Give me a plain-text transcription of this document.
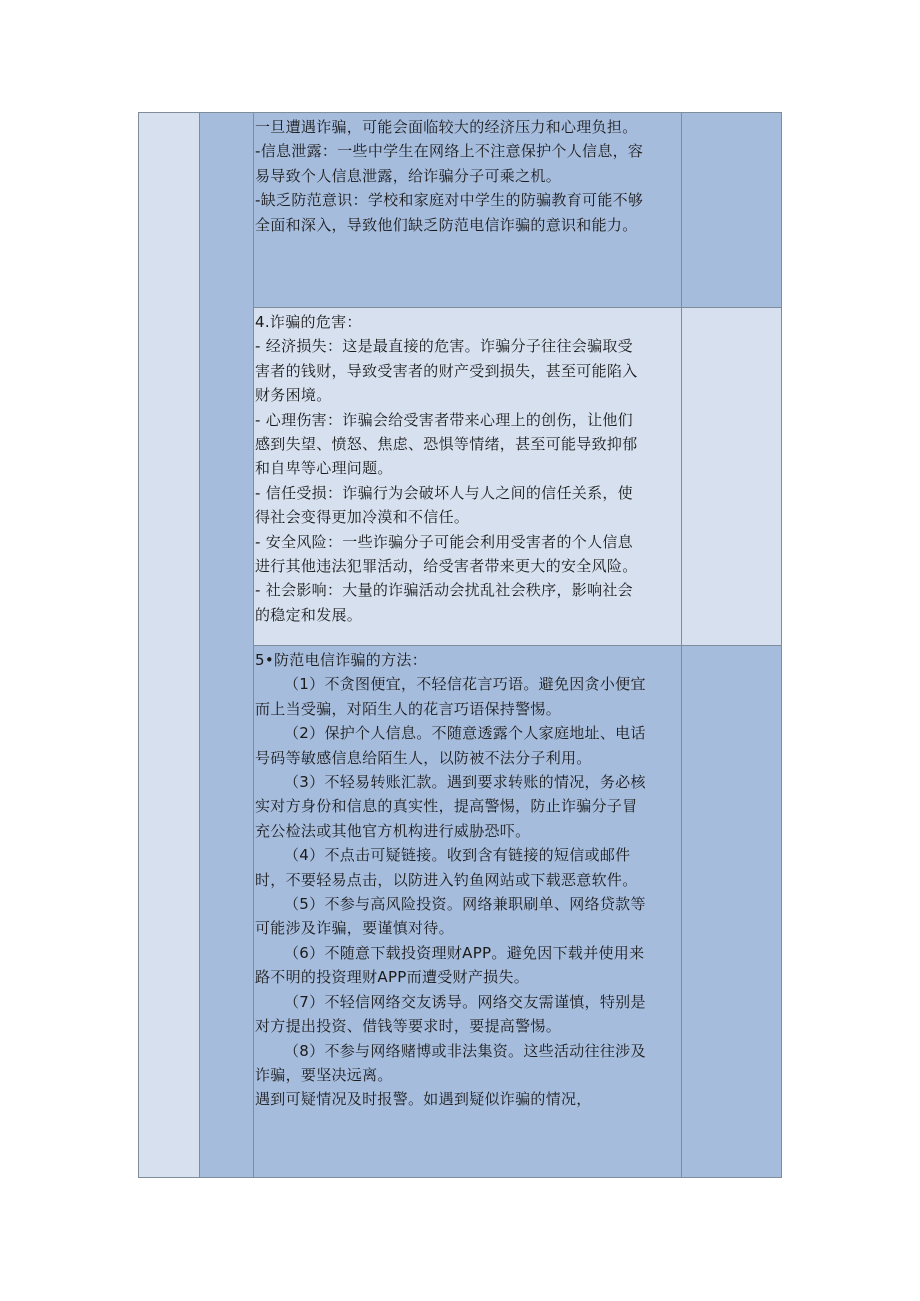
一旦遭遇诈骗，可能会面临较大的经济压力和心理负担。

-信息泄露：一些中学生在网络上不注意保护个人信息，容

易导致个人信息泄露，给诈骗分子可乘之机。

-缺乏防范意识：学校和家庭对中学生的防骗教育可能不够

全面和深入，导致他们缺乏防范电信诈骗的意识和能力。

4.诈骗的危害：

- 经济损失：这是最直接的危害。诈骗分子往往会骗取受

害者的钱财，导致受害者的财产受到损失，甚至可能陷入

财务困境。

- 心理伤害：诈骗会给受害者带来心理上的创伤，让他们

感到失望、愤怒、焦虑、恐惧等情绪，甚至可能导致抑郁

和自卑等心理问题。

- 信任受损：诈骗行为会破坏人与人之间的信任关系，使

得社会变得更加冷漠和不信任。

- 安全风险：一些诈骗分子可能会利用受害者的个人信息

进行其他违法犯罪活动，给受害者带来更大的安全风险。

- 社会影响：大量的诈骗活动会扰乱社会秩序，影响社会

的稳定和发展。

5•防范电信诈骗的方法：

（1）不贪图便宜，不轻信花言巧语。避免因贪小便宜

而上当受骗，对陌生人的花言巧语保持警惕。

（2）保护个人信息。不随意透露个人家庭地址、电话

号码等敏感信息给陌生人，以防被不法分子利用。

（3）不轻易转账汇款。遇到要求转账的情况，务必核

实对方身份和信息的真实性，提高警惕，防止诈骗分子冒

充公检法或其他官方机构进行威胁恐吓。

（4）不点击可疑链接。收到含有链接的短信或邮件

时，不要轻易点击，以防进入钓鱼网站或下载恶意软件。

（5）不参与高风险投资。网络兼职刷单、网络贷款等

可能涉及诈骗，要谨慎对待。

（6）不随意下载投资理财APP。避免因下载并使用来

路不明的投资理财APP而遭受财产损失。

（7）不轻信网络交友诱导。网络交友需谨慎，特别是

对方提出投资、借钱等要求时，要提高警惕。

（8）不参与网络赌博或非法集资。这些活动往往涉及

诈骗，要坚决远离。

遇到可疑情况及时报警。如遇到疑似诈骗的情况，
